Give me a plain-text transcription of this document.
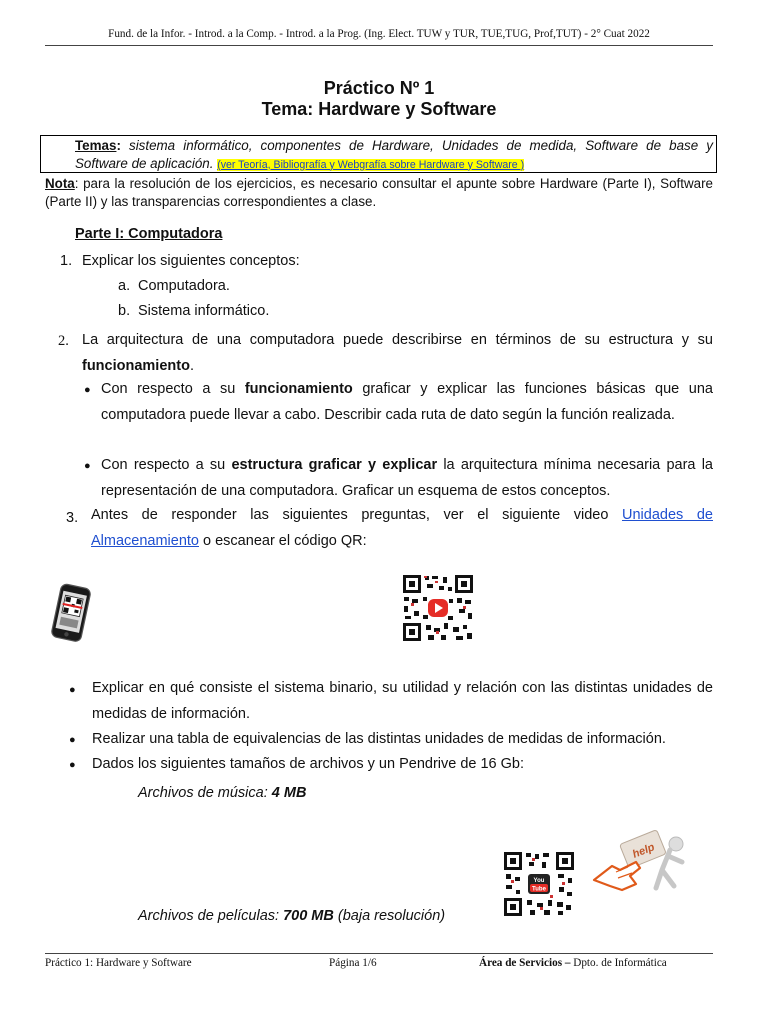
Fund. de la Infor. - Introd. a la Comp. - Introd. a la Prog. (Ing. Elect. TUW y TUR, TUE,TUG, Prof,TUT) - 2° Cuat 2022
Práctico Nº 1
Tema: Hardware y Software
Temas: sistema informático, componentes de Hardware, Unidades de medida, Software de base y Software de aplicación. (ver Teoría, Bibliografía y Webgrafía sobre Hardware y Software )
Nota: para la resolución de los ejercicios, es necesario consultar el apunte sobre Hardware (Parte I), Software (Parte II) y las transparencias correspondientes a clase.
Parte I: Computadora
1. Explicar los siguientes conceptos:
a. Computadora.
b. Sistema informático.
2. La arquitectura de una computadora puede describirse en términos de su estructura y su funcionamiento.
● Con respecto a su funcionamiento graficar y explicar las funciones básicas que una computadora puede llevar a cabo. Describir cada ruta de dato según la función realizada.
● Con respecto a su estructura graficar y explicar la arquitectura mínima necesaria para la representación de una computadora. Graficar un esquema de estos conceptos.
3. Antes de responder las siguientes preguntas, ver el siguiente video Unidades de Almacenamiento o escanear el código QR:
● Explicar en qué consiste el sistema binario, su utilidad y relación con las distintas unidades de medidas de información.
● Realizar una tabla de equivalencias de las distintas unidades de medidas de información.
● Dados los siguientes tamaños de archivos y un Pendrive de 16 Gb:
Archivos de música: 4 MB
You
Tube
help
Archivos de películas: 700 MB (baja resolución)
Práctico 1: Hardware y Software	Página 1/6	Área de Servicios – Dpto. de Informática
